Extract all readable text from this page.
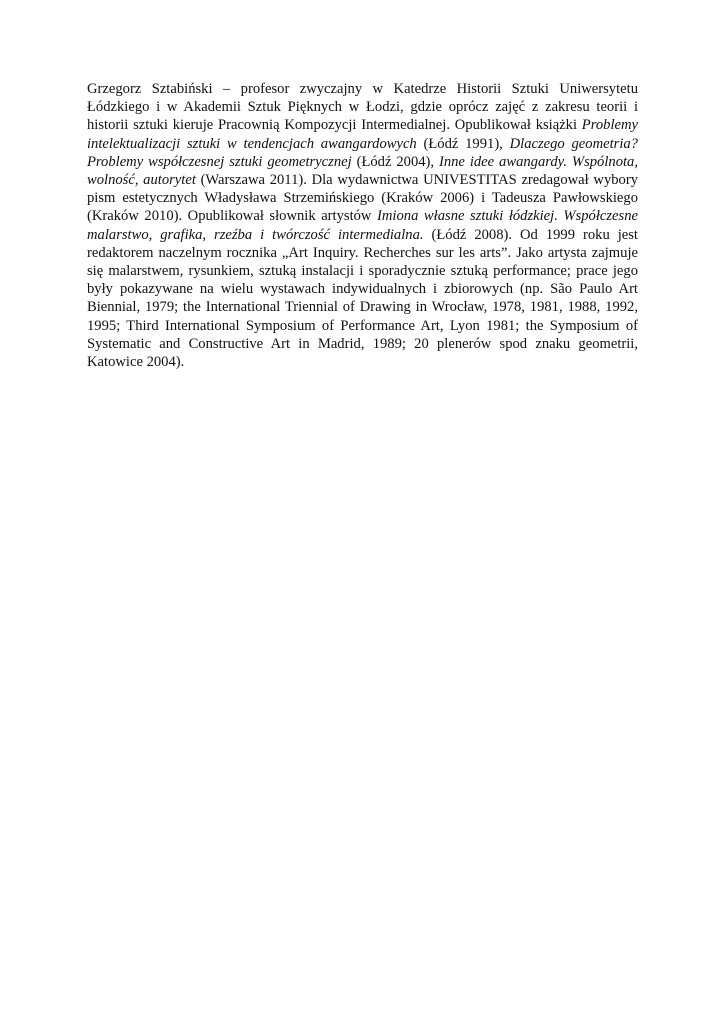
Grzegorz Sztabiński – profesor zwyczajny w Katedrze Historii Sztuki Uniwersytetu Łódzkiego i w Akademii Sztuk Pięknych w Łodzi, gdzie oprócz zajęć z zakresu teorii i historii sztuki kieruje Pracownią Kompozycji Intermedialnej. Opublikował książki Problemy intelektualizacji sztuki w tendencjach awangardowych (Łódź 1991), Dlaczego geometria? Problemy współczesnej sztuki geometrycznej (Łódź 2004), Inne idee awangardy. Wspólnota, wolność, autorytet (Warszawa 2011). Dla wydawnictwa UNIVESTITAS zredagował wybory pism estetycznych Władysława Strzemińskiego (Kraków 2006) i Tadeusza Pawłowskiego (Kraków 2010). Opublikował słownik artystów Imiona własne sztuki łódzkiej. Współczesne malarstwo, grafika, rzeźba i twórczość intermedialna. (Łódź 2008). Od 1999 roku jest redaktorem naczelnym rocznika „Art Inquiry. Recherches sur les arts”. Jako artysta zajmuje się malarstwem, rysunkiem, sztuką instalacji i sporadycznie sztuką performance; prace jego były pokazywane na wielu wystawach indywidualnych i zbiorowych (np. São Paulo Art Biennial, 1979; the International Triennial of Drawing in Wrocław, 1978, 1981, 1988, 1992, 1995; Third International Symposium of Performance Art, Lyon 1981; the Symposium of Systematic and Constructive Art in Madrid, 1989; 20 plenerów spod znaku geometrii, Katowice 2004).
